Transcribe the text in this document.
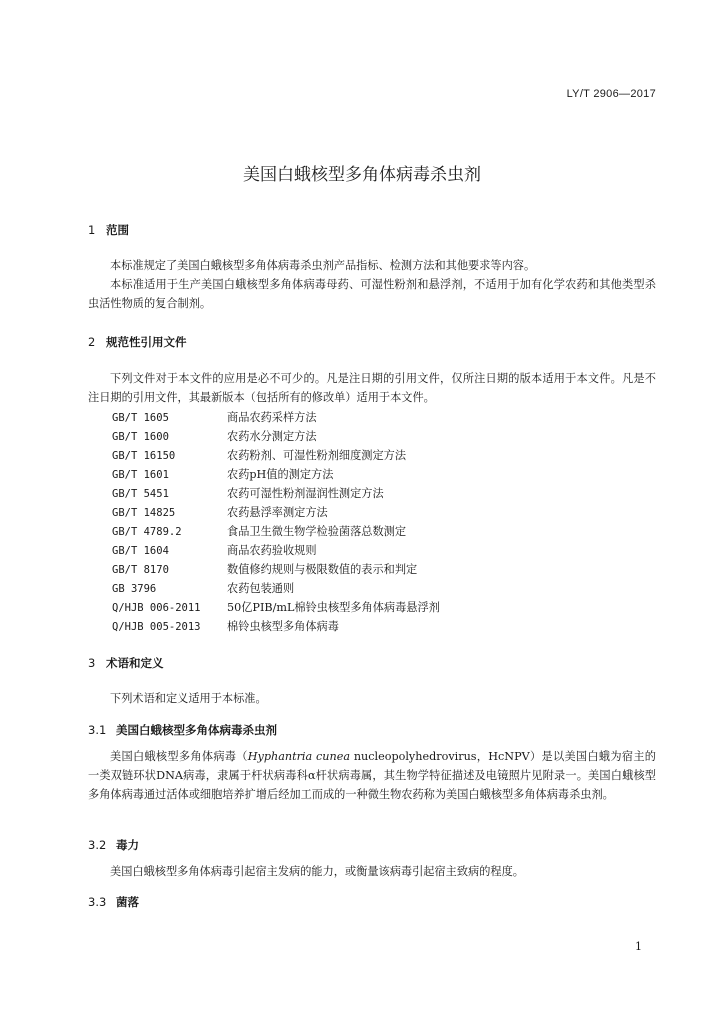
LY/T 2906—2017
美国白蛾核型多角体病毒杀虫剂
1 范围

本标准规定了美国白蛾核型多角体病毒杀虫剂产品指标、检测方法和其他要求等内容。

本标准适用于生产美国白蛾核型多角体病毒母药、可湿性粉剂和悬浮剂，不适用于加有化学农药和其他类型杀虫活性物质的复合制剂。

2 规范性引用文件

下列文件对于本文件的应用是必不可少的。凡是注日期的引用文件，仅所注日期的版本适用于本文件。凡是不注日期的引用文件，其最新版本（包括所有的修改单）适用于本文件。

GB/T 1605	商品农药采样方法
GB/T 1600	农药水分测定方法
GB/T 16150	农药粉剂、可湿性粉剂细度测定方法
GB/T 1601	农药pH值的测定方法
GB/T 5451	农药可湿性粉剂湿润性测定方法
GB/T 14825	农药悬浮率测定方法
GB/T 4789.2	食品卫生微生物学检验菌落总数测定
GB/T 1604	商品农药验收规则
GB/T 8170	数值修约规则与极限数值的表示和判定
GB 3796	农药包装通则
Q/HJB 006-2011 50亿PIB/mL棉铃虫核型多角体病毒悬浮剂
Q/HJB 005-2013 棉铃虫核型多角体病毒
3 术语和定义

下列术语和定义适用于本标准。

3.1 美国白蛾核型多角体病毒杀虫剂

美国白蛾核型多角体病毒（Hyphantria cunea nucleopolyhedrovirus，HcNPV）是以美国白蛾为宿主的一类双链环状DNA病毒，隶属于杆状病毒科α杆状病毒属，其生物学特征描述及电镜照片见附录一。美国白蛾核型多角体病毒通过活体或细胞培养扩增后经加工而成的一种微生物农药称为美国白蛾核型多角体病毒杀虫剂。

3.2 毒力

美国白蛾核型多角体病毒引起宿主发病的能力，或衡量该病毒引起宿主致病的程度。

3.3 菌落
1
